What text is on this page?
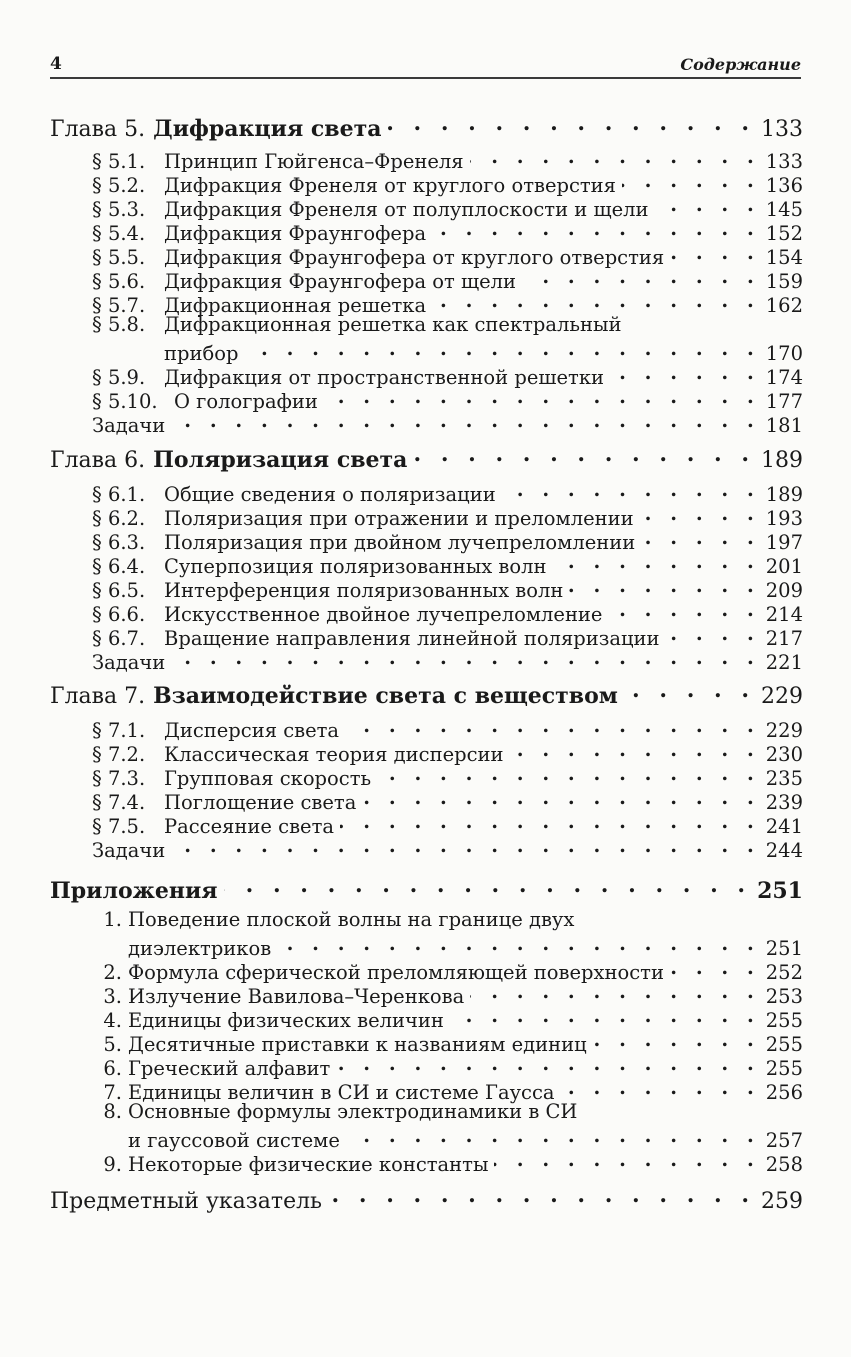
4	Содержание
Глава 5. Дифракция света . . .	133
§ 5.1. Принцип Гюйгенса–Френеля . . .	133
§ 5.2. Дифракция Френеля от круглого отверстия . . .	136
§ 5.3. Дифракция Френеля от полуплоскости и щели . . .	145
§ 5.4. Дифракция Фраунгофера . . .	152
§ 5.5. Дифракция Фраунгофера от круглого отверстия . . .	154
§ 5.6. Дифракция Фраунгофера от щели . . .	159
§ 5.7. Дифракционная решетка . . .	162
§ 5.8. Дифракционная решетка как спектральный
прибор . . .	170
§ 5.9. Дифракция от пространственной решетки . . .	174
§ 5.10. О голографии . . .	177
Задачи . . .	181
Глава 6. Поляризация света . . .	189
§ 6.1. Общие сведения о поляризации . . .	189
§ 6.2. Поляризация при отражении и преломлении . . .	193
§ 6.3. Поляризация при двойном лучепреломлении . . .	197
§ 6.4. Суперпозиция поляризованных волн . . .	201
§ 6.5. Интерференция поляризованных волн . . .	209
§ 6.6. Искусственное двойное лучепреломление . . .	214
§ 6.7. Вращение направления линейной поляризации . . .	217
Задачи . . .	221
Глава 7. Взаимодействие света с веществом . . .	229
§ 7.1. Дисперсия света . . .	229
§ 7.2. Классическая теория дисперсии . . .	230
§ 7.3. Групповая скорость . . .	235
§ 7.4. Поглощение света . . .	239
§ 7.5. Рассеяние света . . .	241
Задачи . . .	244
Приложения . . .	251
1. Поведение плоской волны на границе двух
диэлектриков . . .	251
2. Формула сферической преломляющей поверхности . . .	252
3. Излучение Вавилова–Черенкова . . .	253
4. Единицы физических величин . . .	255
5. Десятичные приставки к названиям единиц . . .	255
6. Греческий алфавит . . .	255
7. Единицы величин в СИ и системе Гаусса . . .	256
8. Основные формулы электродинамики в СИ
и гауссовой системе . . .	257
9. Некоторые физические константы . . .	258
Предметный указатель . . .	259
